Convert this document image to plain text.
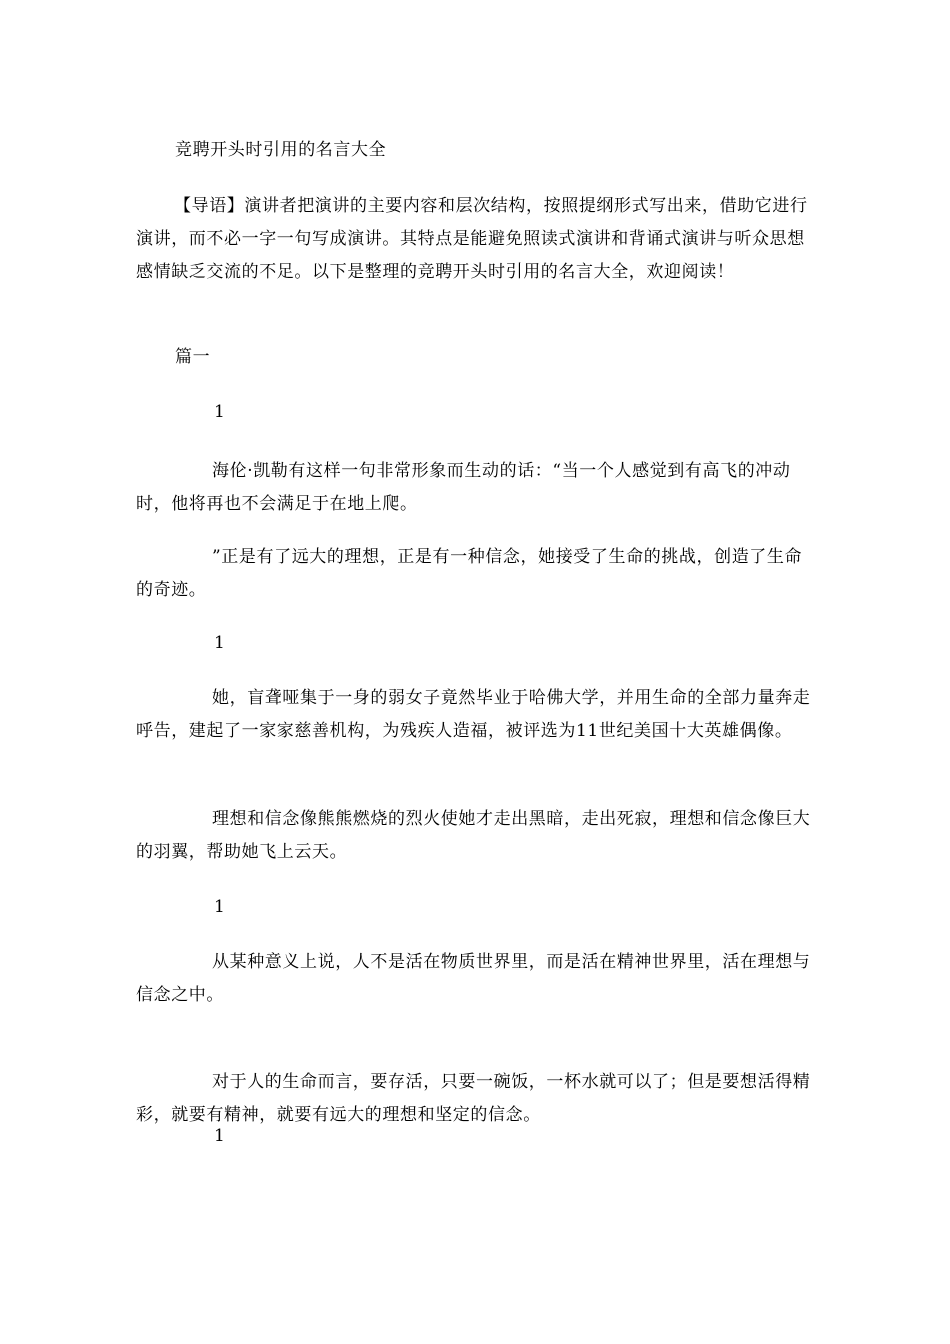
竞聘开头时引用的名言大全
【导语】演讲者把演讲的主要内容和层次结构，按照提纲形式写出来，借助它进行演讲，而不必一字一句写成演讲。其特点是能避免照读式演讲和背诵式演讲与听众思想感情缺乏交流的不足。以下是整理的竞聘开头时引用的名言大全，欢迎阅读！
篇一
1
海伦·凯勒有这样一句非常形象而生动的话：“当一个人感觉到有高飞的冲动时，他将再也不会满足于在地上爬。
”正是有了远大的理想，正是有一种信念，她接受了生命的挑战，创造了生命的奇迹。
1
她，盲聋哑集于一身的弱女子竟然毕业于哈佛大学，并用生命的全部力量奔走呼告，建起了一家家慈善机构，为残疾人造福，被评选为11世纪美国十大英雄偶像。
理想和信念像熊熊燃烧的烈火使她才走出黑暗，走出死寂，理想和信念像巨大的羽翼，帮助她飞上云天。
1
从某种意义上说，人不是活在物质世界里，而是活在精神世界里，活在理想与信念之中。
对于人的生命而言，要存活，只要一碗饭，一杯水就可以了；但是要想活得精彩，就要有精神，就要有远大的理想和坚定的信念。
1
